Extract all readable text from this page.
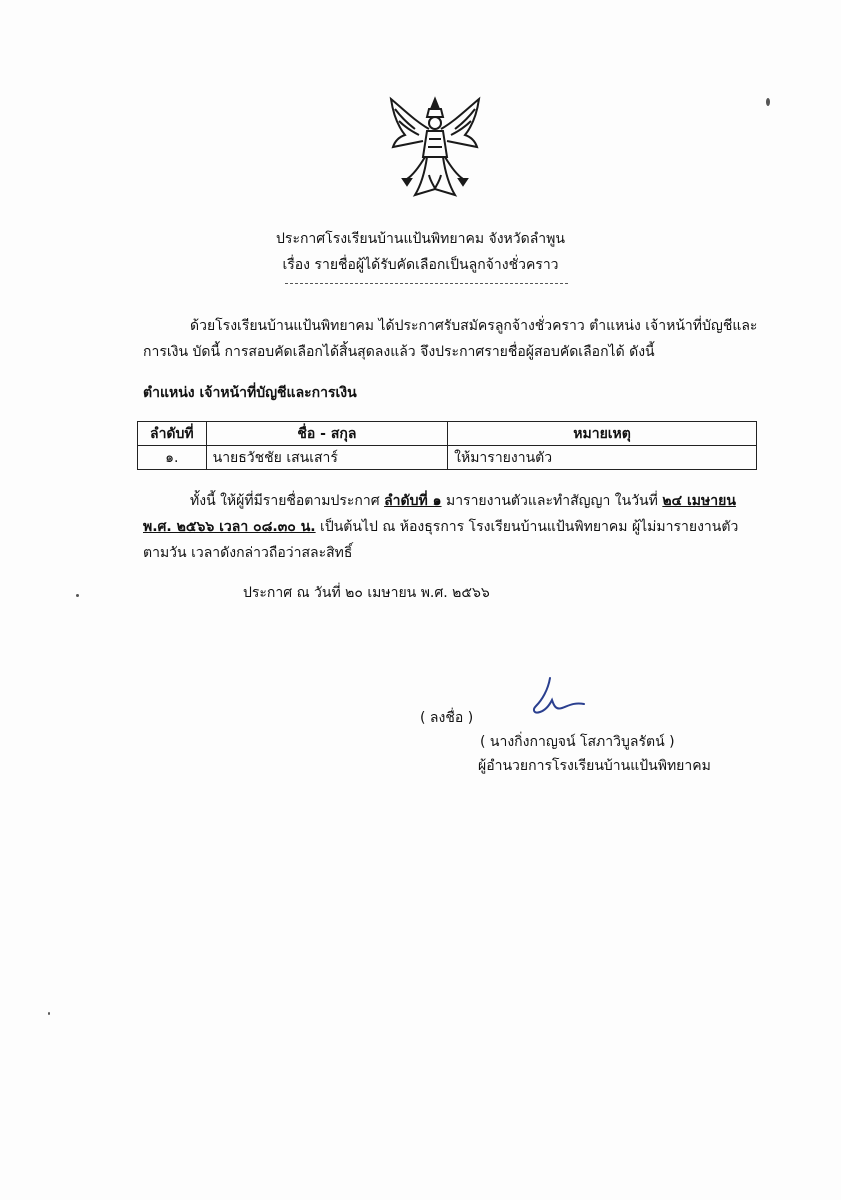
ประกาศโรงเรียนบ้านแป้นพิทยาคม จังหวัดลำพูน
เรื่อง รายชื่อผู้ได้รับคัดเลือกเป็นลูกจ้างชั่วคราว
ด้วยโรงเรียนบ้านแป้นพิทยาคม ได้ประกาศรับสมัครลูกจ้างชั่วคราว ตำแหน่ง เจ้าหน้าที่บัญชีและ
การเงิน บัดนี้ การสอบคัดเลือกได้สิ้นสุดลงแล้ว จึงประกาศรายชื่อผู้สอบคัดเลือกได้ ดังนี้
ตำแหน่ง เจ้าหน้าที่บัญชีและการเงิน
ลำดับที่	ชื่อ - สกุล	หมายเหตุ
๑.	นายธวัชชัย เสนเสาร์	ให้มารายงานตัว
ทั้งนี้ ให้ผู้ที่มีรายชื่อตามประกาศ ลำดับที่ ๑ มารายงานตัวและทำสัญญา ในวันที่ ๒๔ เมษายน
พ.ศ. ๒๕๖๖ เวลา ๐๘.๓๐ น. เป็นต้นไป ณ ห้องธุรการ โรงเรียนบ้านแป้นพิทยาคม ผู้ไม่มารายงานตัว
ตามวัน เวลาดังกล่าวถือว่าสละสิทธิ์
ประกาศ ณ วันที่ ๒๐ เมษายน พ.ศ. ๒๕๖๖
( ลงชื่อ )
( นางกิ่งกาญจน์ โสภาวิบูลรัตน์ )
ผู้อำนวยการโรงเรียนบ้านแป้นพิทยาคม
